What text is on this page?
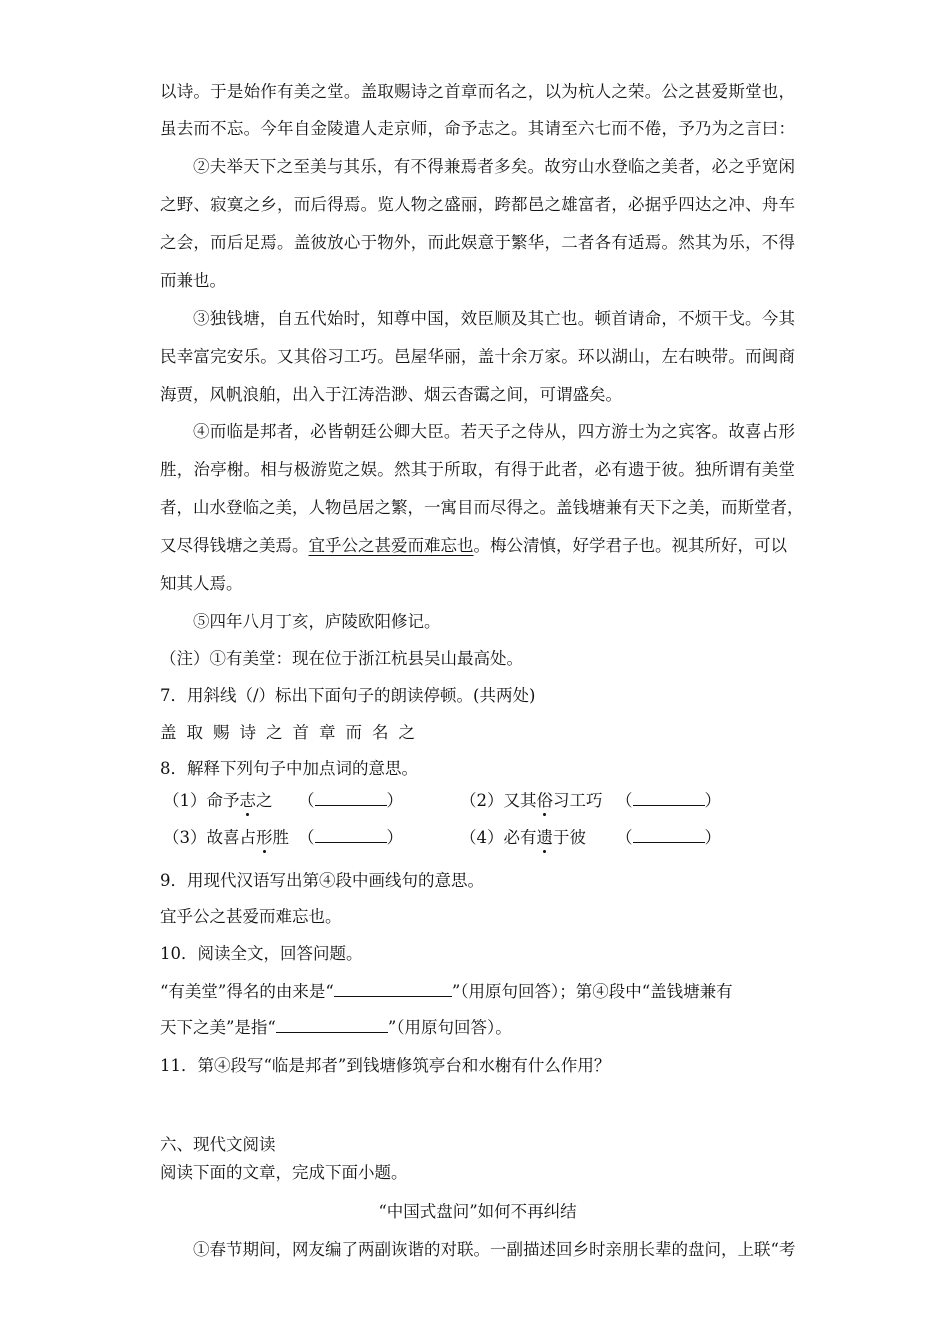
以诗。于是始作有美之堂。盖取赐诗之首章而名之，以为杭人之荣。公之甚爱斯堂也，
虽去而不忘。今年自金陵遣人走京师，命予志之。其请至六七而不倦，予乃为之言曰：
②夫举天下之至美与其乐，有不得兼焉者多矣。故穷山水登临之美者，必之乎宽闲
之野、寂寞之乡，而后得焉。览人物之盛丽，跨都邑之雄富者，必据乎四达之冲、舟车
之会，而后足焉。盖彼放心于物外，而此娱意于繁华，二者各有适焉。然其为乐，不得
而兼也。
③独钱塘，自五代始时，知尊中国，效臣顺及其亡也。顿首请命，不烦干戈。今其
民幸富完安乐。又其俗习工巧。邑屋华丽，盖十余万家。环以湖山，左右映带。而闽商
海贾，风帆浪舶，出入于江涛浩渺、烟云杳霭之间，可谓盛矣。
④而临是邦者，必皆朝廷公卿大臣。若天子之侍从，四方游士为之宾客。故喜占形
胜，治亭榭。相与极游览之娱。然其于所取，有得于此者，必有遗于彼。独所谓有美堂
者，山水登临之美，人物邑居之繁，一寓目而尽得之。盖钱塘兼有天下之美，而斯堂者，
又尽得钱塘之美焉。宜乎公之甚爱而难忘也。梅公清慎，好学君子也。视其所好，可以
知其人焉。
⑤四年八月丁亥，庐陵欧阳修记。
（注）①有美堂：现在位于浙江杭县吴山最高处。
7．用斜线（/）标出下面句子的朗读停顿。(共两处)
盖取赐诗之首章而名之
8．解释下列句子中加点词的意思。
（1）命予志之 （	）	（2）又其俗习工巧 （	）
（3）故喜占形胜 （	）	（4）必有遗于彼 （	）
9．用现代汉语写出第④段中画线句的意思。
宜乎公之甚爱而难忘也。
10．阅读全文，回答问题。
“有美堂”得名的由来是“	”（用原句回答）；第④段中“盖钱塘兼有
天下之美”是指“	”（用原句回答）。
11．第④段写“临是邦者”到钱塘修筑亭台和水榭有什么作用？
六、现代文阅读
阅读下面的文章，完成下面小题。
“中国式盘问”如何不再纠结
①春节期间，网友编了两副诙谐的对联。一副描述回乡时亲朋长辈的盘问，上联“考
